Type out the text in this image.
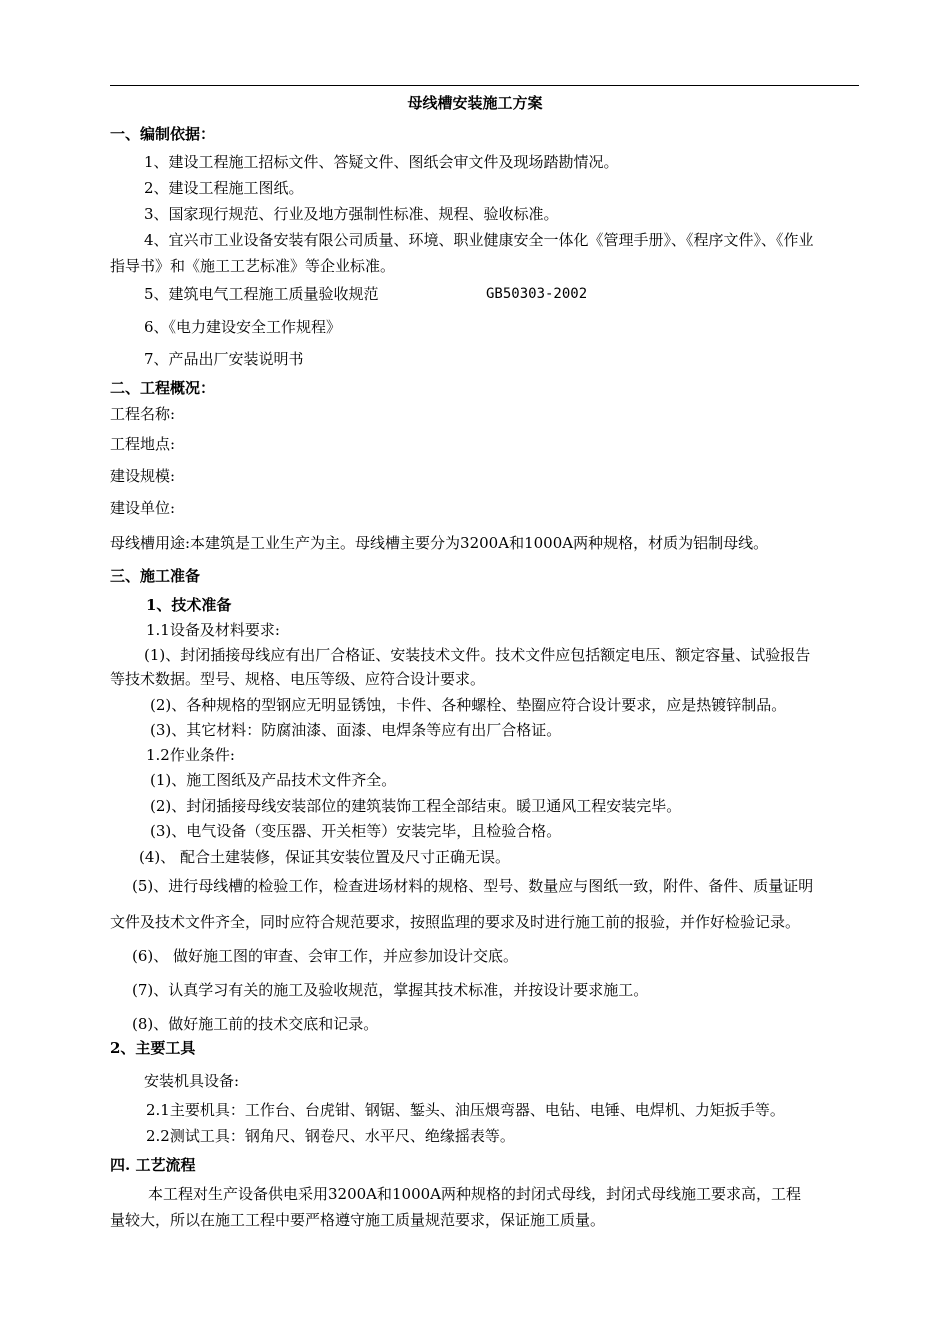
母线槽安装施工方案
一、编制依据：
1、建设工程施工招标文件、答疑文件、图纸会审文件及现场踏勘情况。
2、建设工程施工图纸。
3、国家现行规范、行业及地方强制性标准、规程、验收标准。
4、宜兴市工业设备安装有限公司质量、环境、职业健康安全一体化《管理手册》、《程序文件》、《作业
指导书》和《施工工艺标准》等企业标准。
5、建筑电气工程施工质量验收规范	GB50303-2002
6、《电力建设安全工作规程》
7、产品出厂安装说明书
二、工程概况：
工程名称:
工程地点:
建设规模:
建设单位:
母线槽用途:本建筑是工业生产为主。母线槽主要分为3200A和1000A两种规格，材质为铝制母线。
三、施工准备
1、技术准备
1.1设备及材料要求:
(1)、封闭插接母线应有出厂合格证、安装技术文件。技术文件应包括额定电压、额定容量、试验报告
等技术数据。型号、规格、电压等级、应符合设计要求。
(2)、各种规格的型钢应无明显锈蚀，卡件、各种螺栓、垫圈应符合设计要求，应是热镀锌制品。
(3)、其它材料：防腐油漆、面漆、电焊条等应有出厂合格证。
1.2作业条件:
(1)、施工图纸及产品技术文件齐全。
(2)、封闭插接母线安装部位的建筑装饰工程全部结束。暖卫通风工程安装完毕。
(3)、电气设备（变压器、开关柜等）安装完毕，且检验合格。
(4)、 配合土建装修，保证其安装位置及尺寸正确无误。
(5)、进行母线槽的检验工作，检查进场材料的规格、型号、数量应与图纸一致，附件、备件、质量证明
文件及技术文件齐全，同时应符合规范要求，按照监理的要求及时进行施工前的报验，并作好检验记录。
(6)、 做好施工图的审查、会审工作，并应参加设计交底。
(7)、认真学习有关的施工及验收规范，掌握其技术标准，并按设计要求施工。
(8)、做好施工前的技术交底和记录。
2、主要工具
安装机具设备:
2.1主要机具：工作台、台虎钳、钢锯、錾头、油压煨弯器、电钻、电锤、电焊机、力矩扳手等。
2.2测试工具：钢角尺、钢卷尺、水平尺、绝缘摇表等。
四. 工艺流程
本工程对生产设备供电采用3200A和1000A两种规格的封闭式母线，封闭式母线施工要求高，工程
量较大，所以在施工工程中要严格遵守施工质量规范要求，保证施工质量。
